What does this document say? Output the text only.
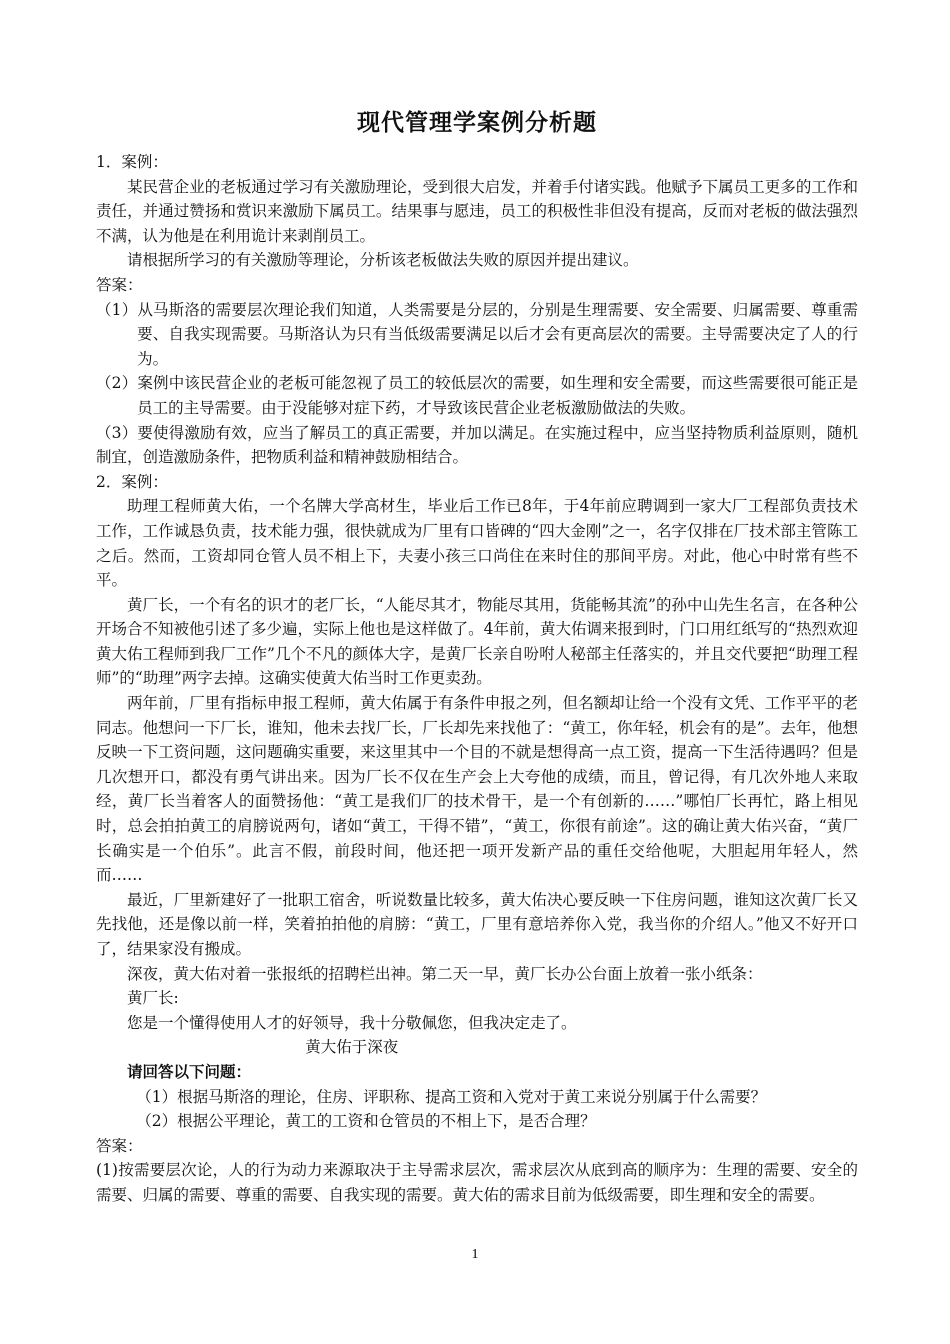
现代管理学案例分析题

1．案例：

某民营企业的老板通过学习有关激励理论，受到很大启发，并着手付诸实践。他赋予下属员工更多的工作和责任，并通过赞扬和赏识来激励下属员工。结果事与愿违，员工的积极性非但没有提高，反而对老板的做法强烈不满，认为他是在利用诡计来剥削员工。

请根据所学习的有关激励等理论，分析该老板做法失败的原因并提出建议。

答案：

（1）从马斯洛的需要层次理论我们知道，人类需要是分层的，分别是生理需要、安全需要、归属需要、尊重需要、自我实现需要。马斯洛认为只有当低级需要满足以后才会有更高层次的需要。主导需要决定了人的行为。

（2）案例中该民营企业的老板可能忽视了员工的较低层次的需要，如生理和安全需要，而这些需要很可能正是员工的主导需要。由于没能够对症下药，才导致该民营企业老板激励做法的失败。

（3）要使得激励有效，应当了解员工的真正需要，并加以满足。在实施过程中，应当坚持物质利益原则，随机制宜，创造激励条件，把物质利益和精神鼓励相结合。

2．案例：

助理工程师黄大佑，一个名牌大学高材生，毕业后工作已8年，于4年前应聘调到一家大厂工程部负责技术工作，工作诚恳负责，技术能力强，很快就成为厂里有口皆碑的“四大金刚”之一，名字仅排在厂技术部主管陈工之后。然而，工资却同仓管人员不相上下，夫妻小孩三口尚住在来时住的那间平房。对此，他心中时常有些不平。

黄厂长，一个有名的识才的老厂长，“人能尽其才，物能尽其用，货能畅其流”的孙中山先生名言，在各种公开场合不知被他引述了多少遍，实际上他也是这样做了。4年前，黄大佑调来报到时，门口用红纸写的“热烈欢迎黄大佑工程师到我厂工作”几个不凡的颜体大字，是黄厂长亲自吩咐人秘部主任落实的，并且交代要把“助理工程师”的“助理”两字去掉。这确实使黄大佑当时工作更卖劲。

两年前，厂里有指标申报工程师，黄大佑属于有条件申报之列，但名额却让给一个没有文凭、工作平平的老同志。他想问一下厂长，谁知，他未去找厂长，厂长却先来找他了：“黄工，你年轻，机会有的是”。去年，他想反映一下工资问题，这问题确实重要，来这里其中一个目的不就是想得高一点工资，提高一下生活待遇吗？但是几次想开口，都没有勇气讲出来。因为厂长不仅在生产会上大夸他的成绩，而且，曾记得，有几次外地人来取经，黄厂长当着客人的面赞扬他：“黄工是我们厂的技术骨干，是一个有创新的……”哪怕厂长再忙，路上相见时，总会拍拍黄工的肩膀说两句，诸如“黄工，干得不错”，“黄工，你很有前途”。这的确让黄大佑兴奋，“黄厂长确实是一个伯乐”。此言不假，前段时间，他还把一项开发新产品的重任交给他呢，大胆起用年轻人，然而……

最近，厂里新建好了一批职工宿舍，听说数量比较多，黄大佑决心要反映一下住房问题，谁知这次黄厂长又先找他，还是像以前一样，笑着拍拍他的肩膀：“黄工，厂里有意培养你入党，我当你的介绍人。”他又不好开口了，结果家没有搬成。

深夜，黄大佑对着一张报纸的招聘栏出神。第二天一早，黄厂长办公台面上放着一张小纸条：

黄厂长:

您是一个懂得使用人才的好领导，我十分敬佩您，但我决定走了。

黄大佑于深夜

请回答以下问题：

（1）根据马斯洛的理论，住房、评职称、提高工资和入党对于黄工来说分别属于什么需要？

（2）根据公平理论，黄工的工资和仓管员的不相上下，是否合理？

答案：

(1)按需要层次论，人的行为动力来源取决于主导需求层次，需求层次从底到高的顺序为：生理的需要、安全的需要、归属的需要、尊重的需要、自我实现的需要。黄大佑的需求目前为低级需要，即生理和安全的需要。

1
